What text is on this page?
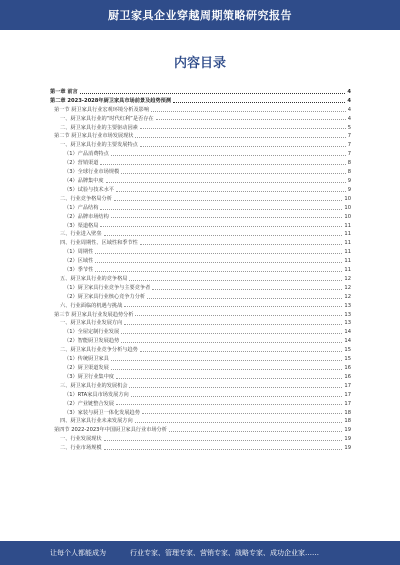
厨卫家具企业穿越周期策略研究报告
内容目录
第一章 前言	4
第二章 2023-2028年厨卫家具市场前景及趋势预测	4
第一节 厨卫家具行业宏观环境分析及影响	4
一、厨卫家具行业的“时代红利”是否存在	4
二、厨卫家具行业的主要驱动因素	5
第二节 厨卫家具行业市场发展现状	7
一、厨卫家具行业的主要发展特点	7
（1）产品消费特点	7
（2）营销渠道	8
（3）全球行业市场规模	8
（4）品牌集中度	9
（5）试验与技术水平	9
二、行业竞争格局分析	10
（1）产品结构	10
（2）品牌市场结构	10
（3）渠道格局	11
三、行业进入壁垒	11
四、行业周期性、区域性和季节性	11
（1）周期性	11
（2）区域性	11
（3）季节性	11
五、厨卫家具行业的竞争格局	12
（1）厨卫家具行业竞争与主要竞争者	12
（2）厨卫家具行业核心竞争力分析	12
六、行业面临的机遇与挑战	13
第三节 厨卫家具行业发展趋势分析	13
一、厨卫家具行业发展方向	13
（1）全屋定制行业发展	14
（2）智能厨卫发展趋势	14
二、厨卫家具行业竞争分析与趋势	15
（1）传统厨卫家具	15
（2）厨卫渠道发展	16
（3）厨卫行业集中度	16
三、厨卫家具行业的发展机会	17
（1）RTA家具市场发展方向	17
（2）产业链整合发展	17
（3）家装与厨卫一体化发展趋势	18
四、厨卫家具行业未来发展方向	18
第四节 2022-2023年中国厨卫家具行业市场分析	19
一、行业发展现状	19
二、行业市场规模	19
让每个人都能成为	行业专家、管理专家、营销专家、战略专家、成功企业家……
